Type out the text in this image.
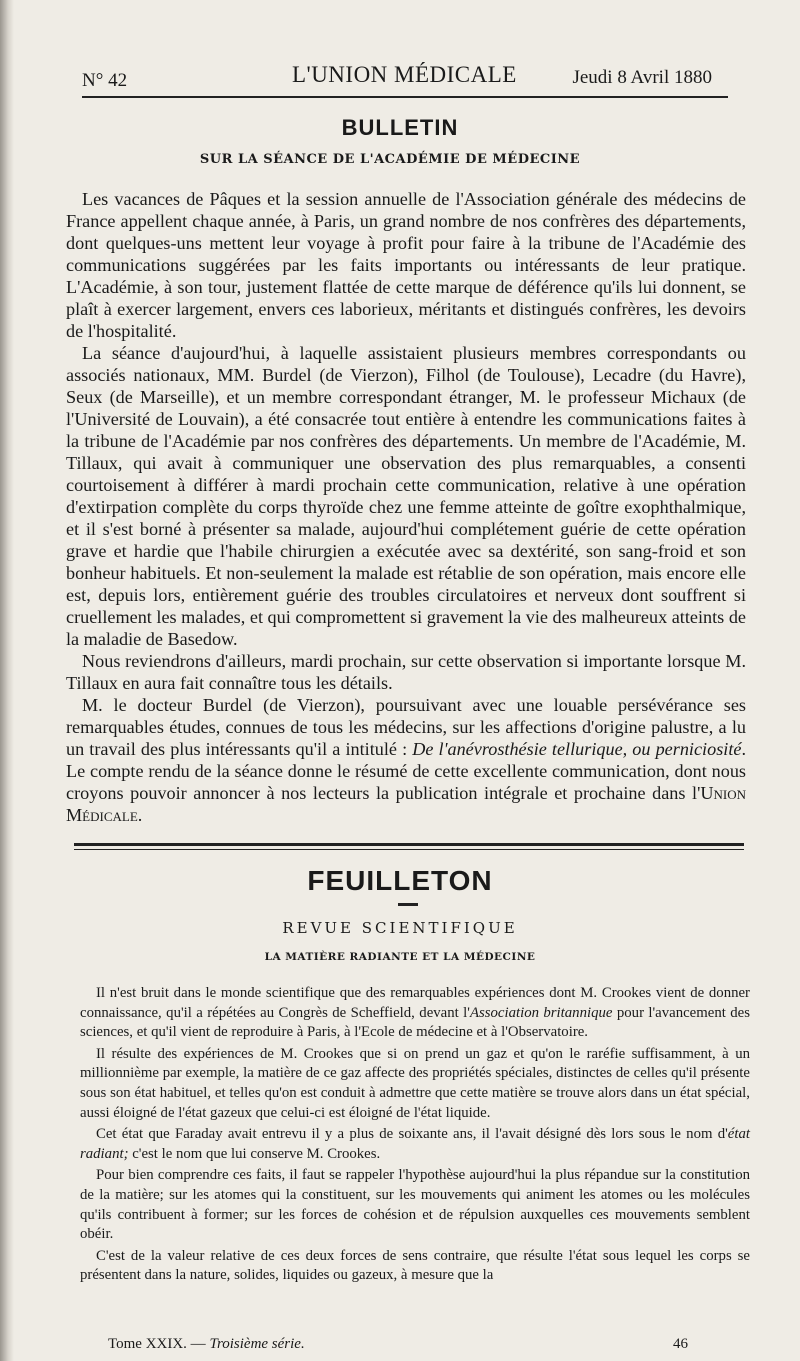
N° 42	L'UNION MÉDICALE	Jeudi 8 Avril 1880
BULLETIN
SUR LA SÉANCE DE L'ACADÉMIE DE MÉDECINE

Les vacances de Pâques et la session annuelle de l'Association générale des médecins de France appellent chaque année, à Paris, un grand nombre de nos confrères des départements, dont quelques-uns mettent leur voyage à profit pour faire à la tribune de l'Académie des communications suggérées par les faits importants ou intéressants de leur pratique. L'Académie, à son tour, justement flattée de cette marque de déférence qu'ils lui donnent, se plaît à exercer largement, envers ces laborieux, méritants et distingués confrères, les devoirs de l'hospitalité.

La séance d'aujourd'hui, à laquelle assistaient plusieurs membres correspondants ou associés nationaux, MM. Burdel (de Vierzon), Filhol (de Toulouse), Lecadre (du Havre), Seux (de Marseille), et un membre correspondant étranger, M. le professeur Michaux (de l'Université de Louvain), a été consacrée tout entière à entendre les communications faites à la tribune de l'Académie par nos confrères des départements. Un membre de l'Académie, M. Tillaux, qui avait à communiquer une observation des plus remarquables, a consenti courtoisement à différer à mardi prochain cette communication, relative à une opération d'extirpation complète du corps thyroïde chez une femme atteinte de goître exophthalmique, et il s'est borné à présenter sa malade, aujourd'hui complétement guérie de cette opération grave et hardie que l'habile chirurgien a exécutée avec sa dextérité, son sang-froid et son bonheur habituels. Et non-seulement la malade est rétablie de son opération, mais encore elle est, depuis lors, entièrement guérie des troubles circulatoires et nerveux dont souffrent si cruellement les malades, et qui compromettent si gravement la vie des malheureux atteints de la maladie de Basedow.

Nous reviendrons d'ailleurs, mardi prochain, sur cette observation si importante lorsque M. Tillaux en aura fait connaître tous les détails.

M. le docteur Burdel (de Vierzon), poursuivant avec une louable persévérance ses remarquables études, connues de tous les médecins, sur les affections d'origine palustre, a lu un travail des plus intéressants qu'il a intitulé : De l'anévrosthésie tellurique, ou perniciosité. Le compte rendu de la séance donne le résumé de cette excellente communication, dont nous croyons pouvoir annoncer à nos lecteurs la publication intégrale et prochaine dans l'Union Médicale.

FEUILLETON
REVUE SCIENTIFIQUE
LA MATIÈRE RADIANTE ET LA MÉDECINE

Il n'est bruit dans le monde scientifique que des remarquables expériences dont M. Crookes vient de donner connaissance, qu'il a répétées au Congrès de Scheffield, devant l'Association britannique pour l'avancement des sciences, et qu'il vient de reproduire à Paris, à l'Ecole de médecine et à l'Observatoire.

Il résulte des expériences de M. Crookes que si on prend un gaz et qu'on le raréfie suffisamment, à un millionnième par exemple, la matière de ce gaz affecte des propriétés spéciales, distinctes de celles qu'il présente sous son état habituel, et telles qu'on est conduit à admettre que cette matière se trouve alors dans un état spécial, aussi éloigné de l'état gazeux que celui-ci est éloigné de l'état liquide.

Cet état que Faraday avait entrevu il y a plus de soixante ans, il l'avait désigné dès lors sous le nom d'état radiant; c'est le nom que lui conserve M. Crookes.

Pour bien comprendre ces faits, il faut se rappeler l'hypothèse aujourd'hui la plus répandue sur la constitution de la matière; sur les atomes qui la constituent, sur les mouvements qui animent les atomes ou les molécules qu'ils contribuent à former; sur les forces de cohésion et de répulsion auxquelles ces mouvements semblent obéir.

C'est de la valeur relative de ces deux forces de sens contraire, que résulte l'état sous lequel les corps se présentent dans la nature, solides, liquides ou gazeux, à mesure que la

Tome XXIX. — Troisième série.	46
